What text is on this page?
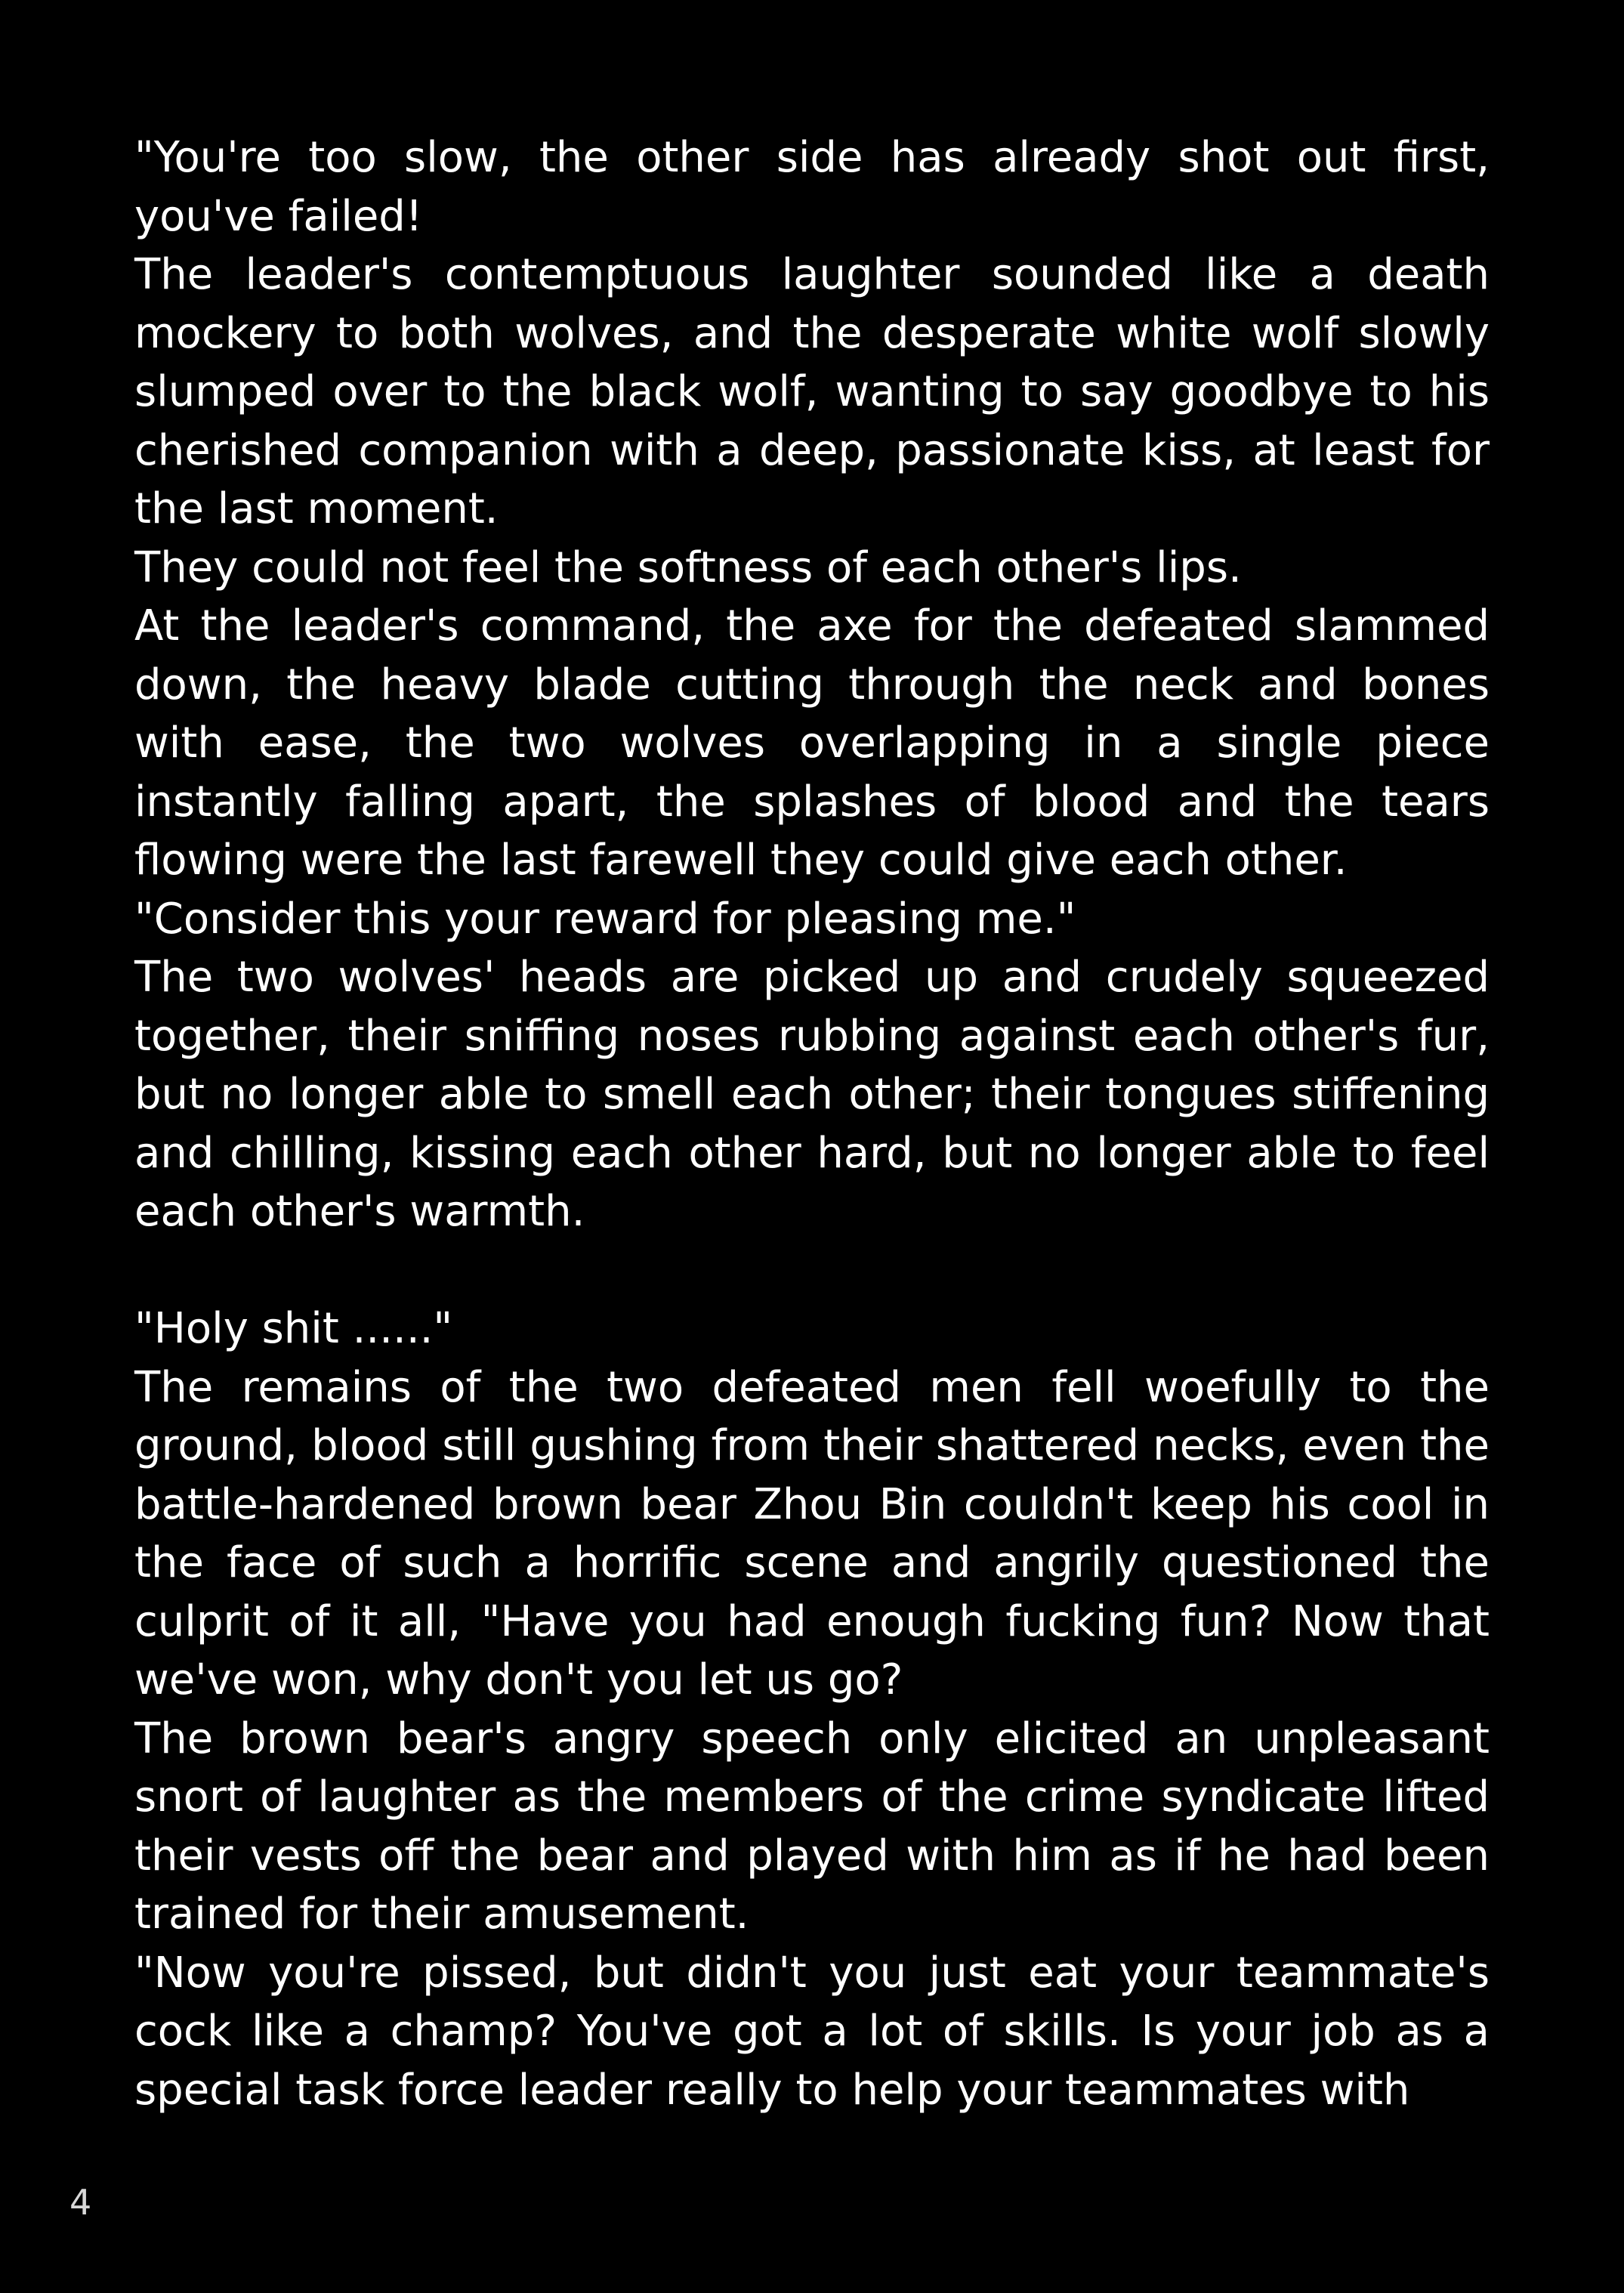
"You're too slow, the other side has already shot out first, you've failed!

The leader's contemptuous laughter sounded like a death mockery to both wolves, and the desperate white wolf slowly slumped over to the black wolf, wanting to say goodbye to his cherished companion with a deep, passionate kiss, at least for the last moment.

They could not feel the softness of each other's lips.

At the leader's command, the axe for the defeated slammed down, the heavy blade cutting through the neck and bones with ease, the two wolves overlapping in a single piece instantly falling apart, the splashes of blood and the tears flowing were the last farewell they could give each other.

"Consider this your reward for pleasing me."

The two wolves' heads are picked up and crudely squeezed together, their sniffing noses rubbing against each other's fur, but no longer able to smell each other; their tongues stiffening and chilling, kissing each other hard, but no longer able to feel each other's warmth.

"Holy shit ......"

The remains of the two defeated men fell woefully to the ground, blood still gushing from their shattered necks, even the battle-hardened brown bear Zhou Bin couldn't keep his cool in the face of such a horrific scene and angrily questioned the culprit of it all, "Have you had enough fucking fun? Now that we've won, why don't you let us go?

The brown bear's angry speech only elicited an unpleasant snort of laughter as the members of the crime syndicate lifted their vests off the bear and played with him as if he had been trained for their amusement.

"Now you're pissed, but didn't you just eat your teammate's cock like a champ? You've got a lot of skills. Is your job as a special task force leader really to help your teammates with

4
